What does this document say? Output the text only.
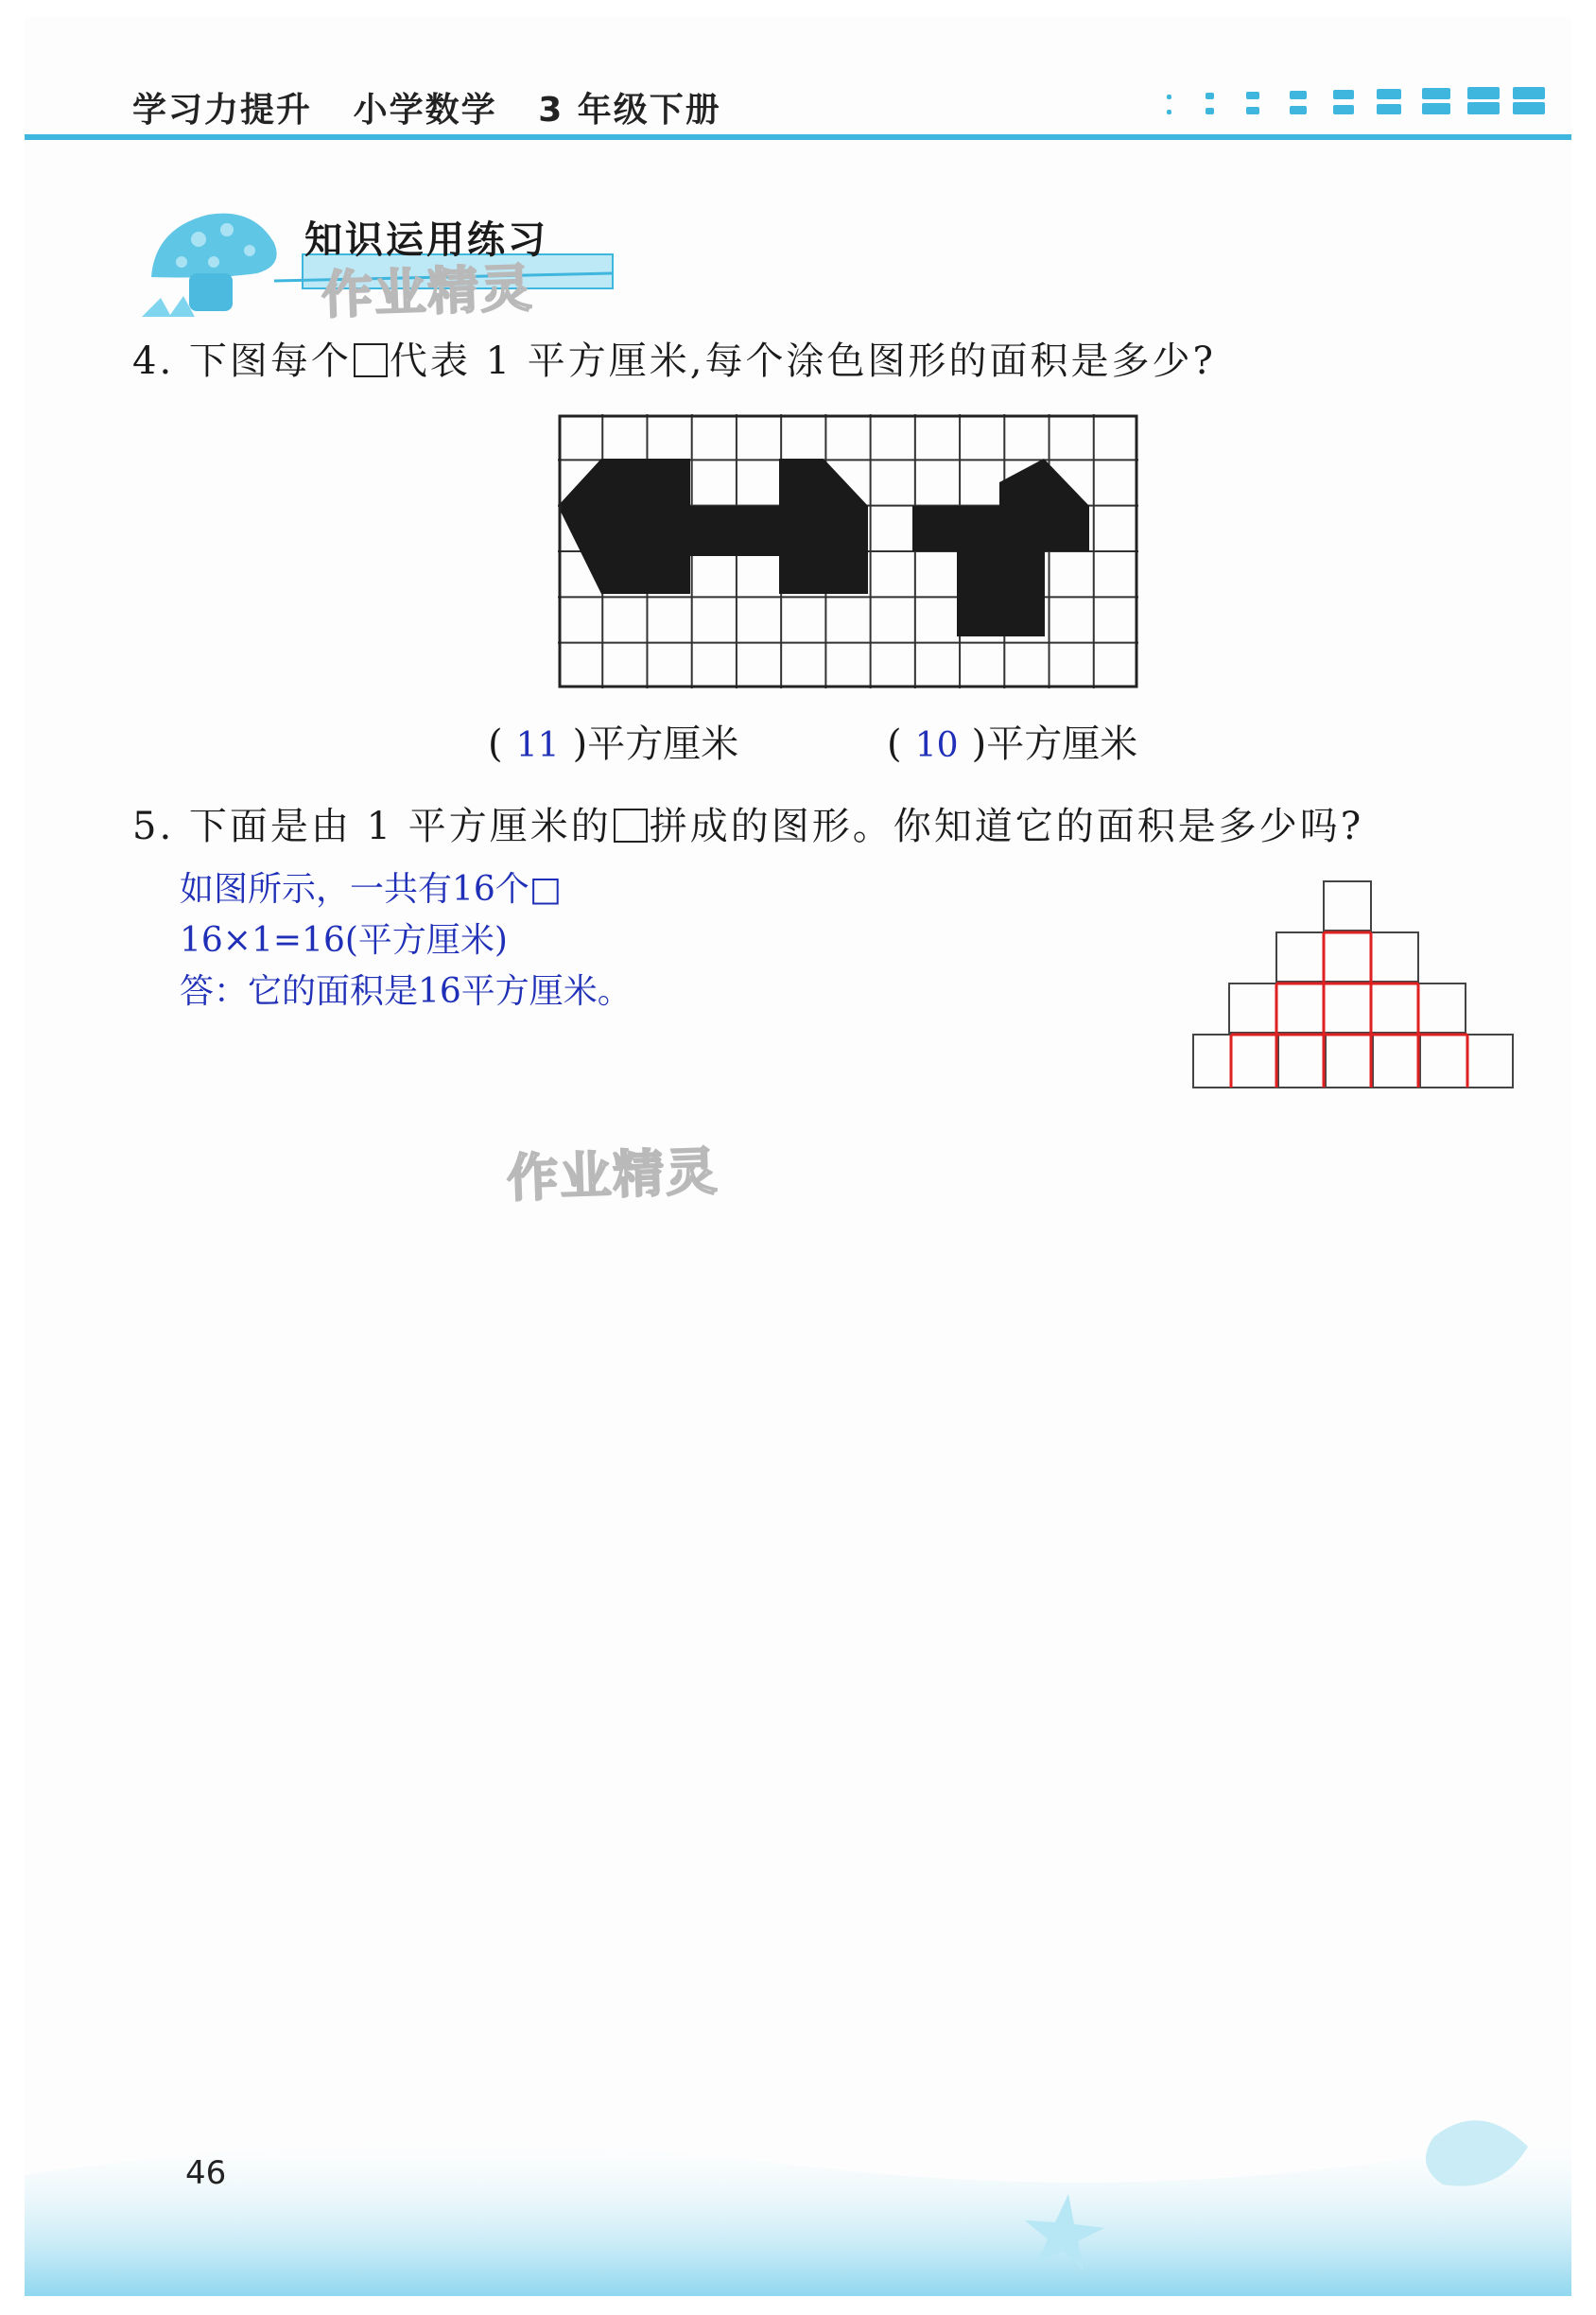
学习力提升   小学数学   3 年级下册
知识运用练习
作业精灵
4. 下图每个 代表 1 平方厘米,每个涂色图形的面积是多少?
( 11 )平方厘米	( 10 )平方厘米
5. 下面是由 1 平方厘米的 拼成的图形。你知道它的面积是多少吗?
如图所示，一共有16个□
16×1=16(平方厘米)
答：它的面积是16平方厘米。
作业精灵
46
